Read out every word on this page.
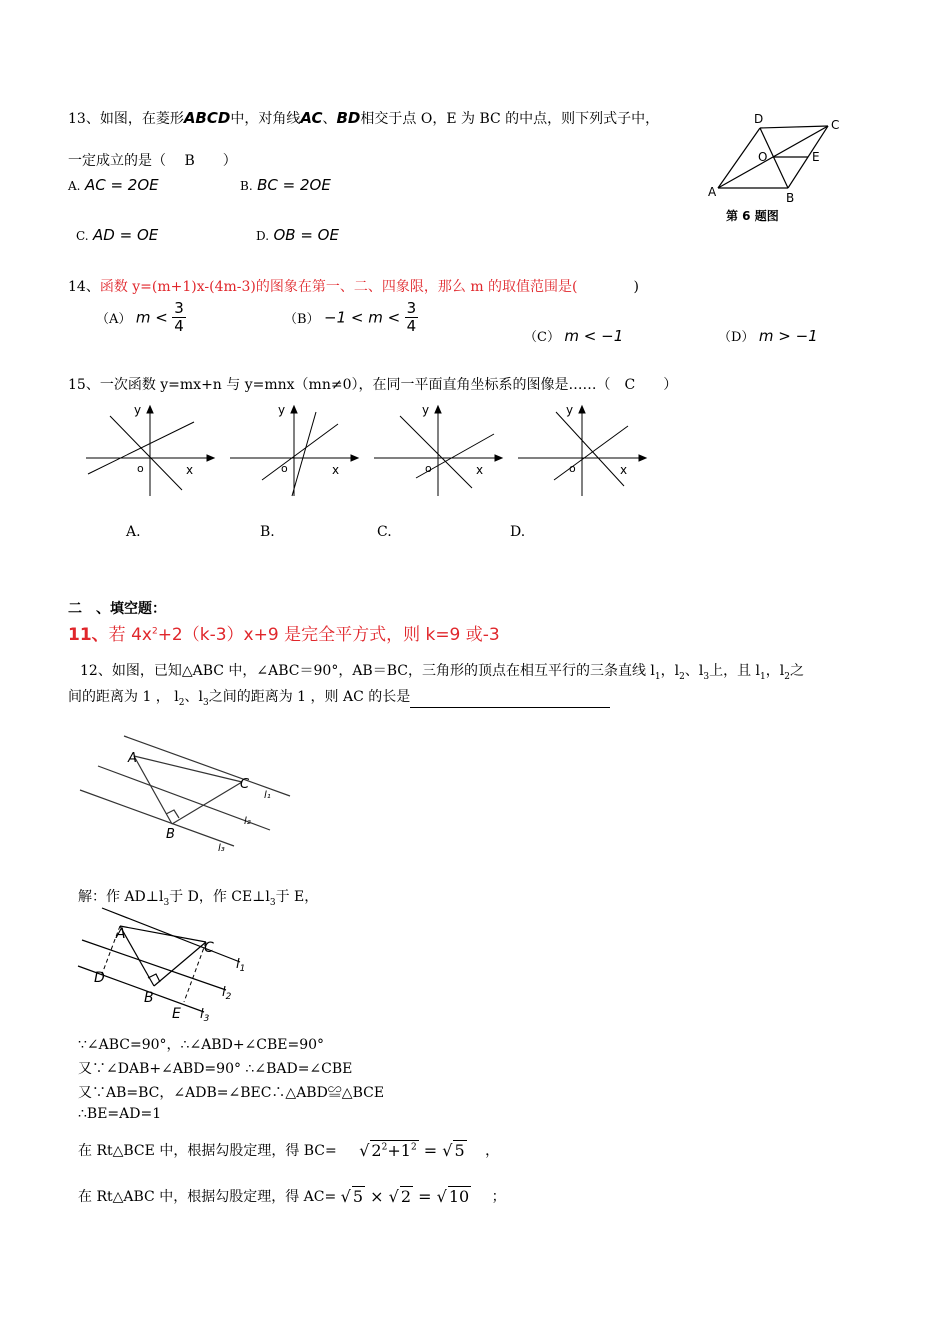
13、如图，在菱形ABCD中，对角线AC、BD相交于点 O，E 为 BC 的中点，则下列式子中，
一定成立的是（　 B　　）
A. AC = 2OE	B. BC = 2OE
C. AD = OE	D. OB = OE
D	C
O	E
A	B
第 6 题图
14、函数 y=(m+1)x-(4m-3)的图象在第一、二、四象限，那么 m 的取值范围是(　　　　)
（A） $m < \frac{3}{4}$	$(B) -1 < m < \frac{3}{4}$
（C） m < −1	（D） m > −1
15、一次函数 y=mx+n 与 y=mnx（mn≠0），在同一平面直角坐标系的图像是……（　C　　）
y
x
o
y
x
o
y
x
o
y
x
o
A.	B.	C.	D.
二　、填空题：
11、若 $4x^2+2(k-3)x+9$ 是完全平方式，则 k=9 或-3
12、如图，已知△ABC 中，∠ABC＝90°，AB＝BC，三角形的顶点在相互平行的三条直线 $l_1$，$l_2$、$l_3$上，且 $l_1$，$l_2$之
间的距离为 1 ， $l_2$、$l_3$之间的距离为 1 ，则 AC 的长是
A
C
B
l₁
l₂
l₃
解：作 $AD\perp l_3$于 D，作 $CE\perp l_3$于 E，
A
C
D
B
E
$l_1$
$l_2$
$l_3$
∵∠ABC=90°，∴∠ABD+∠CBE=90°
又∵∠DAB+∠ABD=90° ∴∠BAD=∠CBE
又∵AB=BC，∠ADB=∠BEC∴△ABD≌△BCE
∴BE=AD=1
在 Rt△BCE 中，根据勾股定理，得 BC= √ $2^2+1^2$ = √ 5 ，
在 Rt△ABC 中，根据勾股定理，得 AC= √ 5 × √ 2 = √ 10 ；
